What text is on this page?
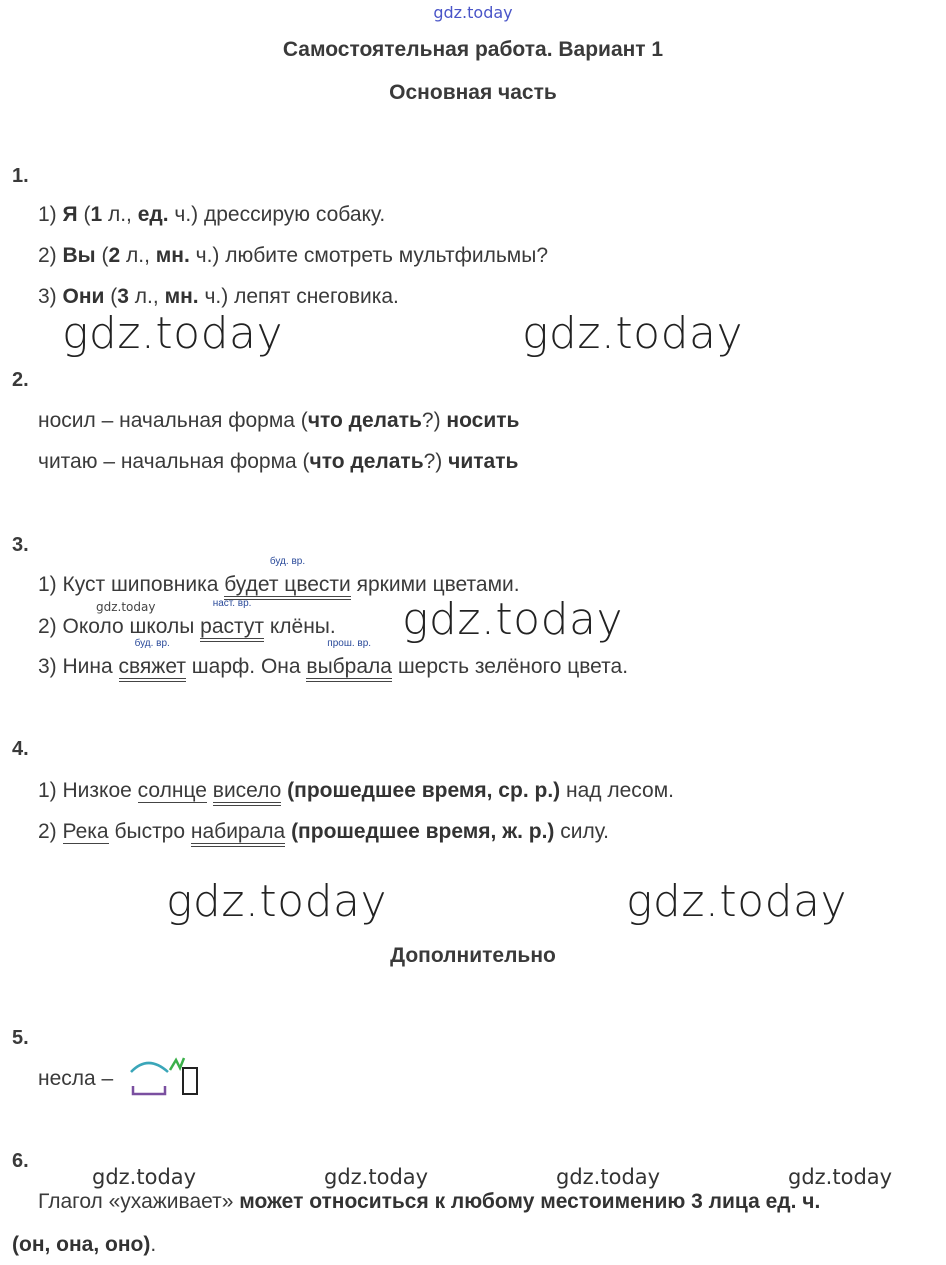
gdz.today
Самостоятельная работа. Вариант 1
Основная часть
1.
1) Я (1 л., ед. ч.) дрессирую собаку.
2) Вы (2 л., мн. ч.) любите смотреть мультфильмы?
3) Они (3 л., мн. ч.) лепят снеговика.
gdz.today	gdz.today
2.
носил – начальная форма (что делать?) носить
читаю – начальная форма (что делать?) читать
3.
1) Куст шиповника
буд. вр.
будет цвести яркими цветами.
gdz.today
2) Около школы
наст. вр.
растут клёны. gdz.today
3) Нина
буд. вр.
свяжет шарф. Она
прош. вр.
выбрала шерсть зелёного цвета.
4.
1) Низкое солнце висело (прошедшее время, ср. р.) над лесом.
2) Река быстро набирала (прошедшее время, ж. р.) силу.
gdz.today	gdz.today
Дополнительно
5.
несла –
6.
gdz.today	gdz.today	gdz.today	gdz.today
Глагол «ухаживает» может относиться к любому местоимению 3 лица ед. ч.
(он, она, оно).
